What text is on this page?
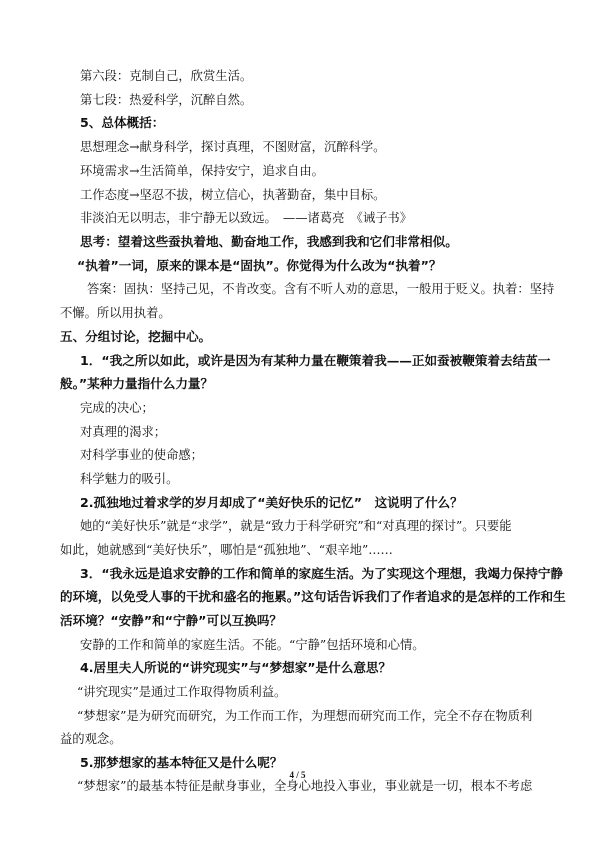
第六段：克制自己，欣赏生活。
第七段：热爱科学，沉醉自然。
5、总体概括：
思想理念→献身科学，探讨真理，不图财富，沉醉科学。
环境需求→生活简单，保持安宁，追求自由。
工作态度→坚忍不拔，树立信心，执著勤奋，集中目标。
非淡泊无以明志，非宁静无以致远。　——诸葛亮　《诫子书》
思考：望着这些蚕执着地、勤奋地工作，我感到我和它们非常相似。
“执着”一词，原来的课本是“固执”。你觉得为什么改为“执着”？
答案：固执：坚持己见，不肯改变。含有不听人劝的意思，一般用于贬义。执着：坚持
不懈。所以用执着。
五、分组讨论，挖掘中心。
1．“我之所以如此，或许是因为有某种力量在鞭策着我——正如蚕被鞭策着去结茧一
般。”某种力量指什么力量？
完成的决心；
对真理的渴求；
对科学事业的使命感；
科学魅力的吸引。
2.孤独地过着求学的岁月却成了“美好快乐的记忆”　这说明了什么？
她的“美好快乐”就是“求学”，就是“致力于科学研究”和“对真理的探讨”。只要能
如此，她就感到“美好快乐”，哪怕是“孤独地”、“艰辛地”……
3．“我永远是追求安静的工作和简单的家庭生活。为了实现这个理想，我竭力保持宁静
的环境，以免受人事的干扰和盛名的拖累。”这句话告诉我们了作者追求的是怎样的工作和生
活环境？“安静”和“宁静”可以互换吗？
安静的工作和简单的家庭生活。不能。“宁静”包括环境和心情。
4.居里夫人所说的“讲究现实”与“梦想家”是什么意思？
“讲究现实”是通过工作取得物质利益。
“梦想家”是为研究而研究，为工作而工作，为理想而研究而工作，完全不存在物质利
益的观念。
5.那梦想家的基本特征又是什么呢？
“梦想家”的最基本特征是献身事业，全身心地投入事业，事业就是一切，根本不考虑
4 / 5
